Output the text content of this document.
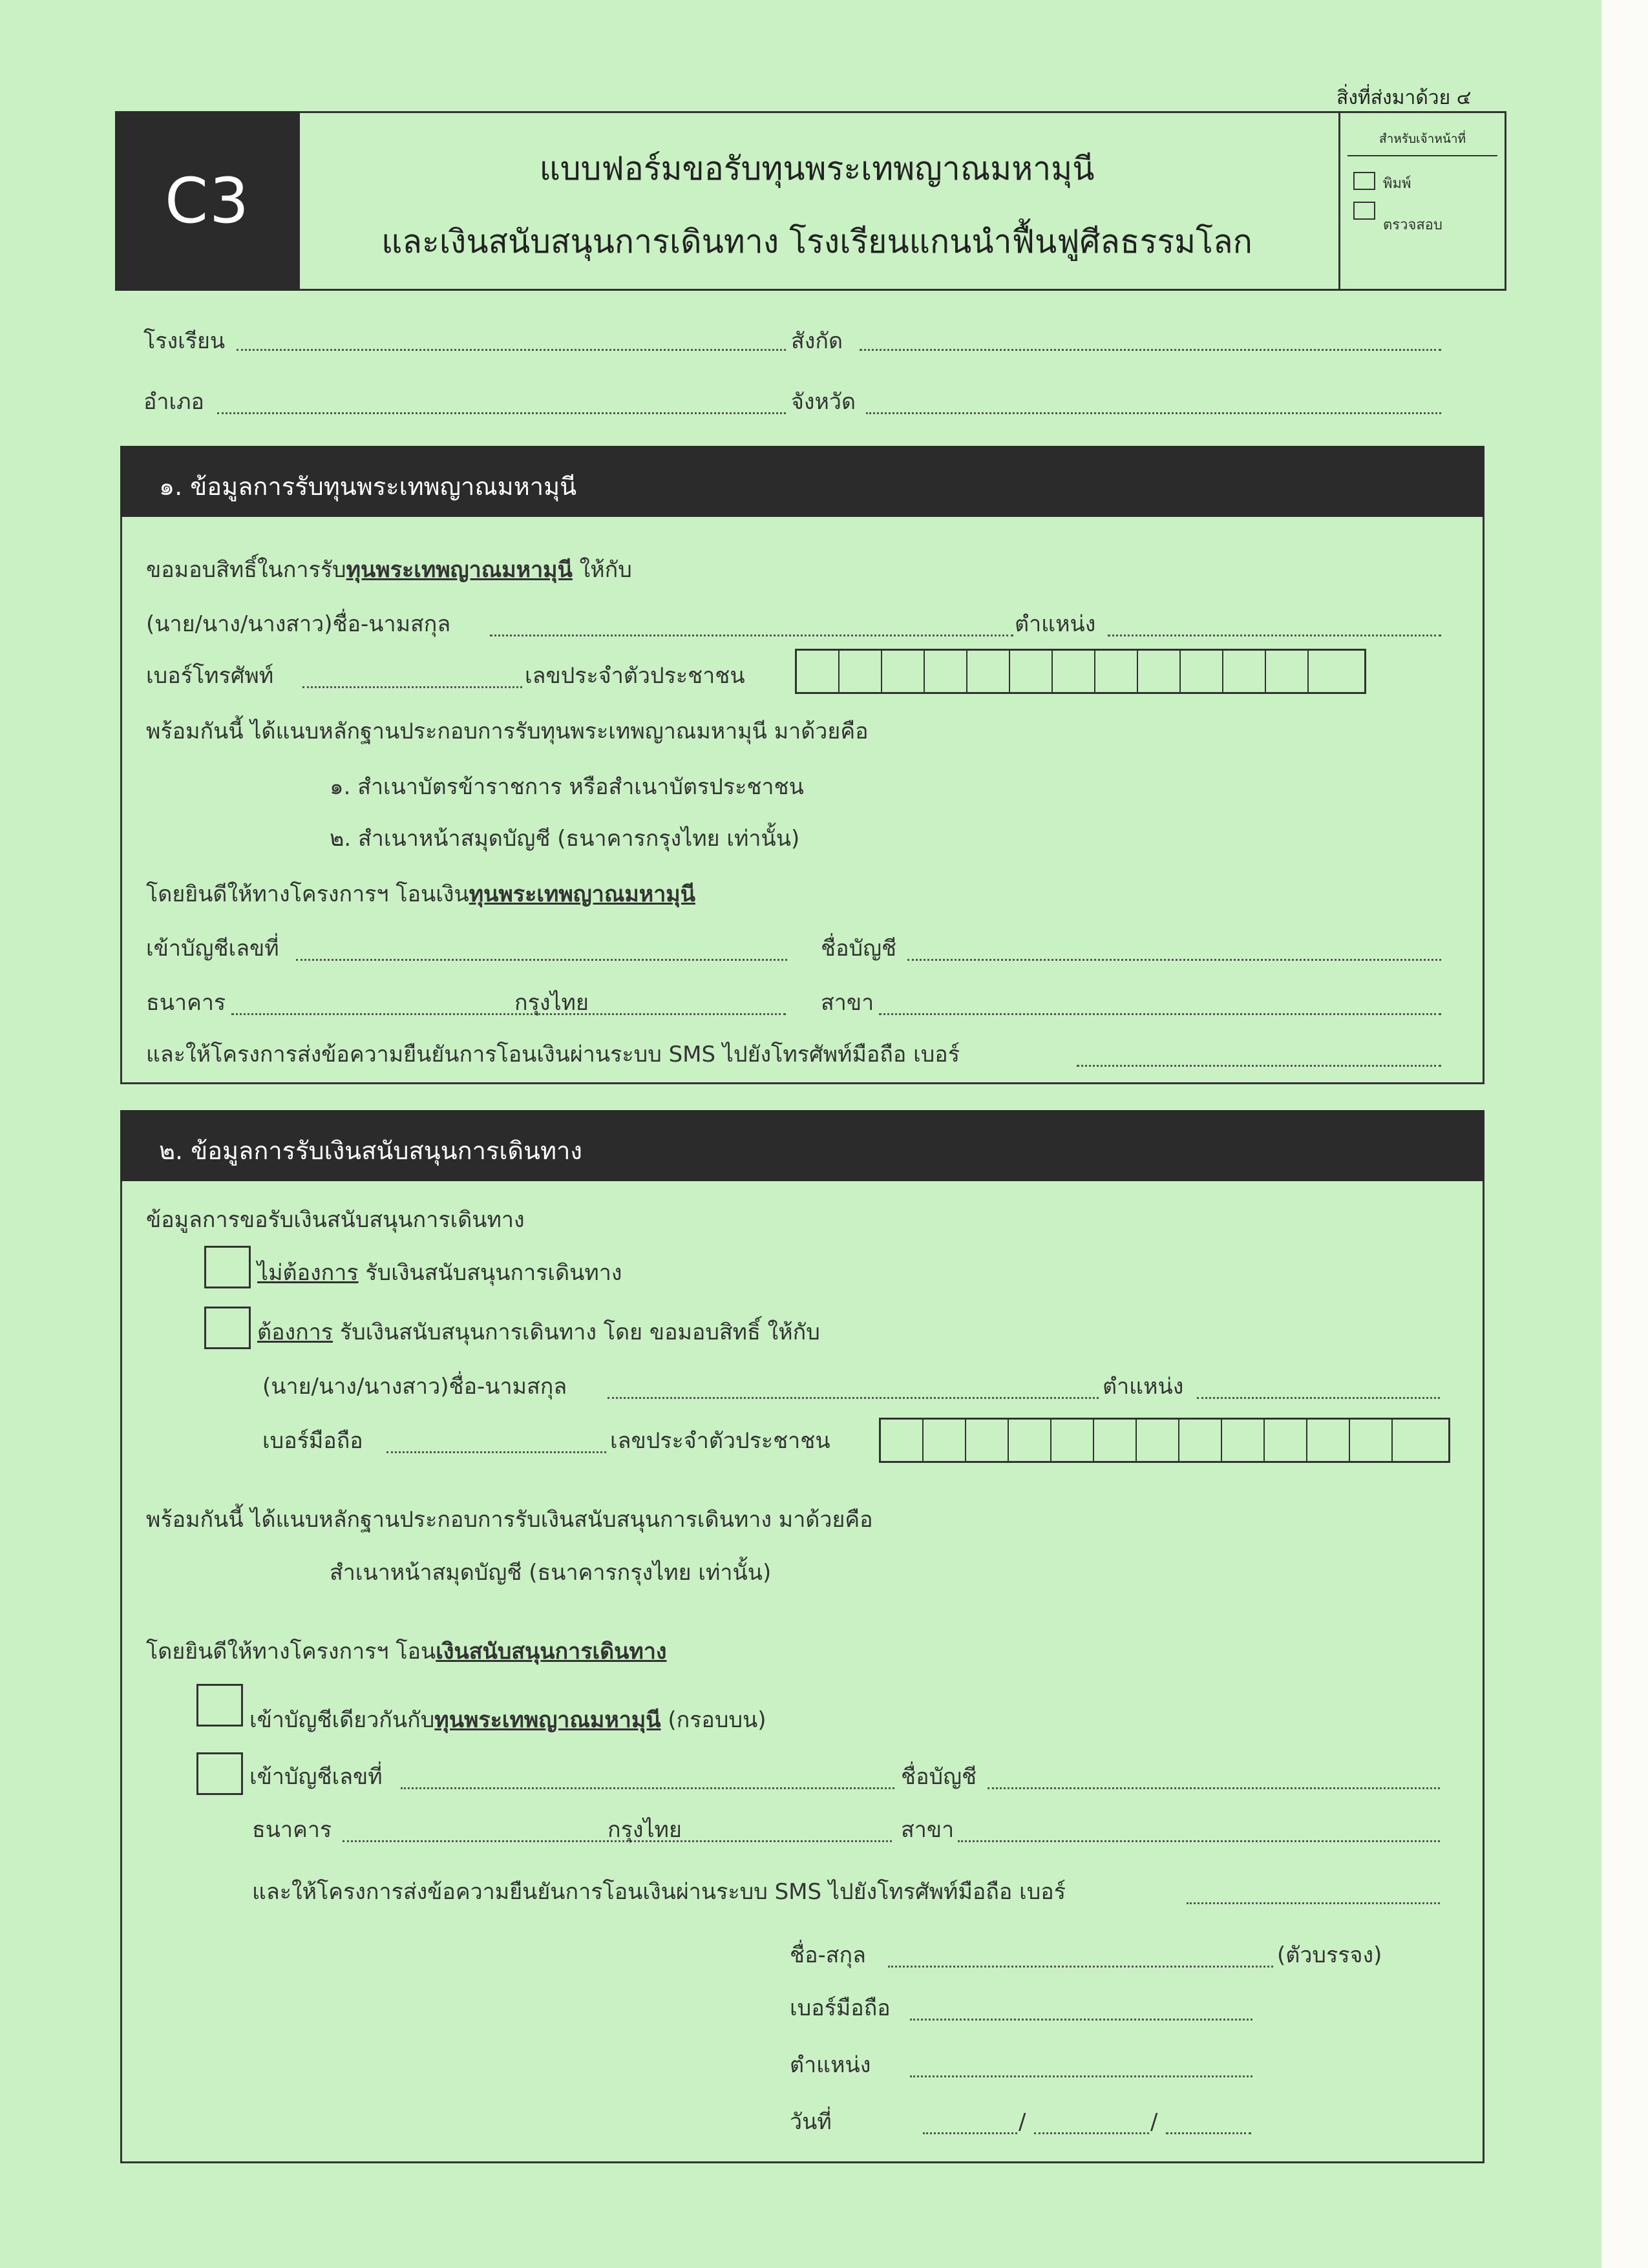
สิ่งที่ส่งมาด้วย ๔
C3	แบบฟอร์มขอรับทุนพระเทพญาณมหามุนี
และเงินสนับสนุนการเดินทาง โรงเรียนแกนนำฟื้นฟูศีลธรรมโลก
สำหรับเจ้าหน้าที่
พิมพ์
ตรวจสอบ
โรงเรียน	สังกัด
อำเภอ	จังหวัด
๑. ข้อมูลการรับทุนพระเทพญาณมหามุนี
ขอมอบสิทธิ์ในการรับทุนพระเทพญาณมหามุนี ให้กับ
(นาย/นาง/นางสาว)ชื่อ-นามสกุล	ตำแหน่ง
เบอร์โทรศัพท์	เลขประจำตัวประชาชน
พร้อมกันนี้ ได้แนบหลักฐานประกอบการรับทุนพระเทพญาณมหามุนี มาด้วยคือ
๑. สำเนาบัตรข้าราชการ หรือสำเนาบัตรประชาชน
๒. สำเนาหน้าสมุดบัญชี (ธนาคารกรุงไทย เท่านั้น)
โดยยินดีให้ทางโครงการฯ โอนเงินทุนพระเทพญาณมหามุนี
เข้าบัญชีเลขที่	ชื่อบัญชี
ธนาคาร	กรุงไทย	สาขา
และให้โครงการส่งข้อความยืนยันการโอนเงินผ่านระบบ SMS ไปยังโทรศัพท์มือถือ เบอร์
๒. ข้อมูลการรับเงินสนับสนุนการเดินทาง
ข้อมูลการขอรับเงินสนับสนุนการเดินทาง
ไม่ต้องการ รับเงินสนับสนุนการเดินทาง
ต้องการ รับเงินสนับสนุนการเดินทาง โดย ขอมอบสิทธิ์ ให้กับ
(นาย/นาง/นางสาว)ชื่อ-นามสกุล	ตำแหน่ง
เบอร์มือถือ	เลขประจำตัวประชาชน
พร้อมกันนี้ ได้แนบหลักฐานประกอบการรับเงินสนับสนุนการเดินทาง มาด้วยคือ
สำเนาหน้าสมุดบัญชี (ธนาคารกรุงไทย เท่านั้น)
โดยยินดีให้ทางโครงการฯ โอนเงินสนับสนุนการเดินทาง
เข้าบัญชีเดียวกันกับทุนพระเทพญาณมหามุนี (กรอบบน)
เข้าบัญชีเลขที่	ชื่อบัญชี
ธนาคาร	กรุงไทย	สาขา
และให้โครงการส่งข้อความยืนยันการโอนเงินผ่านระบบ SMS ไปยังโทรศัพท์มือถือ เบอร์
ชื่อ-สกุล	(ตัวบรรจง)
เบอร์มือถือ
ตำแหน่ง
วันที่	/	/
